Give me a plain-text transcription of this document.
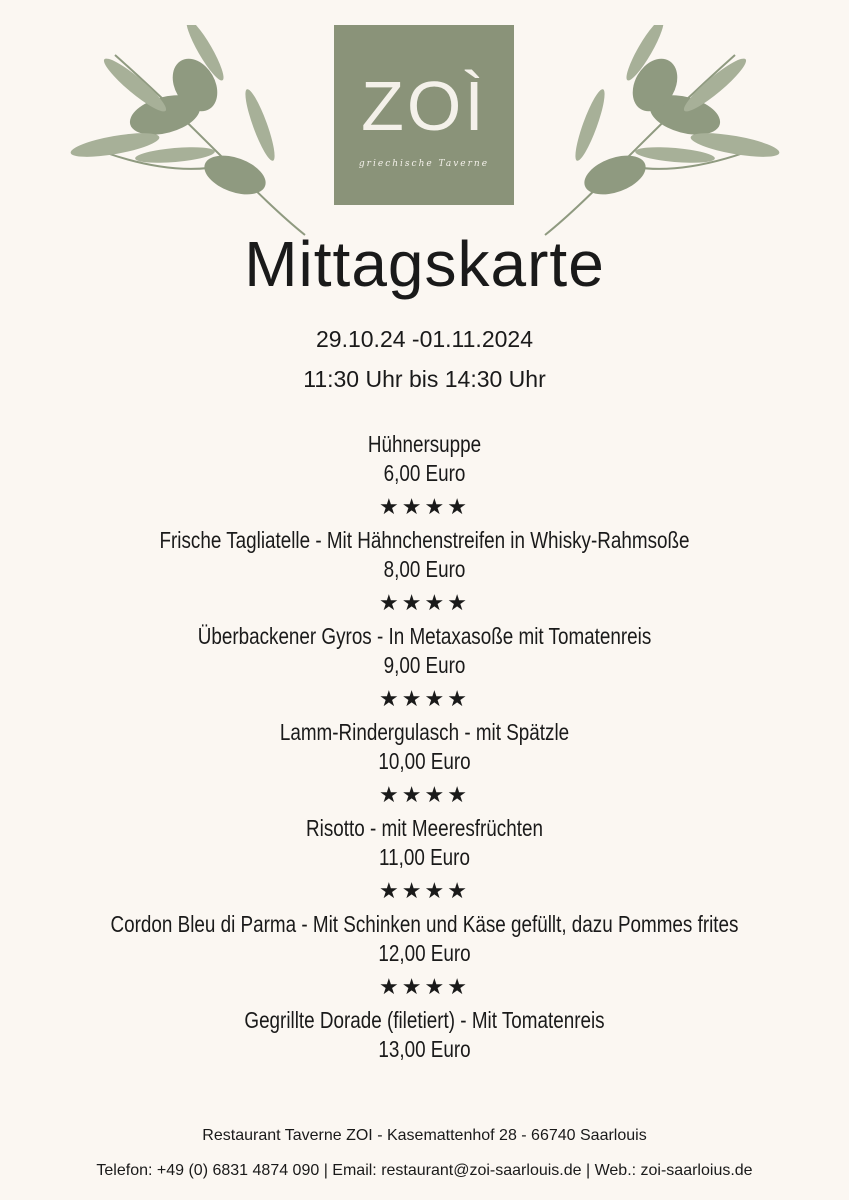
ZOÌ
griechische Taverne
Mittagskarte
29.10.24 -01.11.2024
11:30 Uhr bis 14:30 Uhr
Hühnersuppe
6,00 Euro
★★★★
Frische Tagliatelle - Mit Hähnchenstreifen in Whisky-Rahmsoße
8,00 Euro
★★★★
Überbackener Gyros - In Metaxasoße mit Tomatenreis
9,00 Euro
★★★★
Lamm-Rindergulasch - mit Spätzle
10,00 Euro
★★★★
Risotto - mit Meeresfrüchten
11,00 Euro
★★★★
Cordon Bleu di Parma - Mit Schinken und Käse gefüllt, dazu Pommes frites
12,00 Euro
★★★★
Gegrillte Dorade (filetiert) - Mit Tomatenreis
13,00 Euro
Restaurant Taverne ZOI - Kasemattenhof 28 - 66740 Saarlouis
Telefon: +49 (0) 6831 4874 090 | Email: restaurant@zoi-saarlouis.de | Web.: zoi-saarloius.de
